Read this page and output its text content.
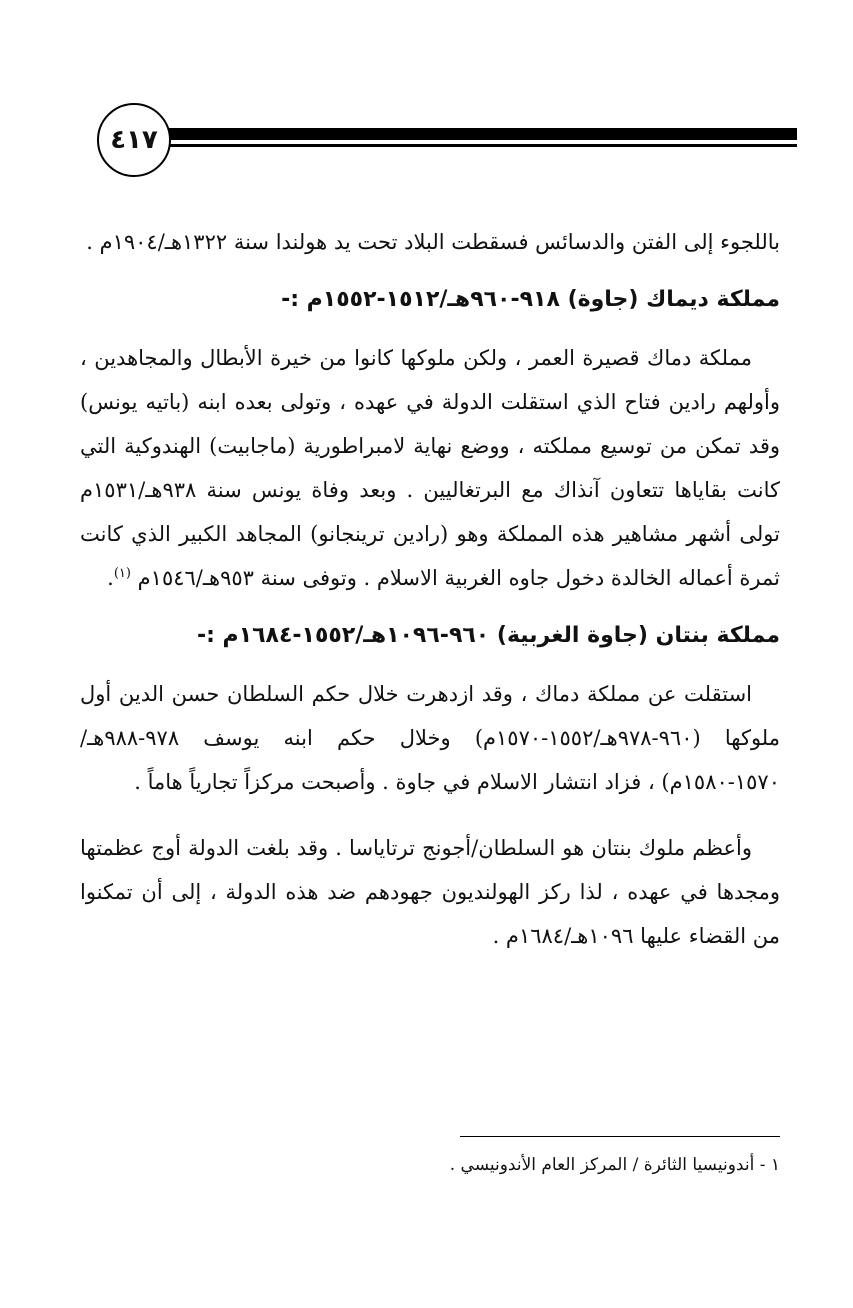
٤١٧

باللجوء إلى الفتن والدسائس فسقطت البلاد تحت يد هولندا سنة ١٣٢٢هـ/١٩٠٤م .

مملكة ديماك (جاوة) ٩١٨-٩٦٠هـ/١٥١٢-١٥٥٢م :-

مملكة دماك قصيرة العمر ، ولكن ملوكها كانوا من خيرة الأبطال والمجاهدين ، وأولهم رادين فتاح الذي استقلت الدولة في عهده ، وتولى بعده ابنه (باتيه يونس) وقد تمكن من توسيع مملكته ، ووضع نهاية لامبراطورية (ماجابيت) الهندوكية التي كانت بقاياها تتعاون آنذاك مع البرتغاليين . وبعد وفاة يونس سنة ٩٣٨هـ/١٥٣١م تولى أشهر مشاهير هذه المملكة وهو (رادين ترينجانو) المجاهد الكبير الذي كانت ثمرة أعماله الخالدة دخول جاوه الغربية الاسلام . وتوفى سنة ٩٥٣هـ/١٥٤٦م $^{(١)}$.

مملكة بنتان (جاوة الغربية) ٩٦٠-١٠٩٦هـ/١٥٥٢-١٦٨٤م :-

استقلت عن مملكة دماك ، وقد ازدهرت خلال حكم السلطان حسن الدين أول ملوكها (٩٦٠-٩٧٨هـ/١٥٥٢-١٥٧٠م) وخلال حكم ابنه يوسف ٩٧٨-٩٨٨هـ/١٥٧٠-١٥٨٠م) ، فزاد انتشار الاسلام في جاوة . وأصبحت مركزاً تجارياً هاماً .

وأعظم ملوك بنتان هو السلطان/أجونج ترتاياسا . وقد بلغت الدولة أوج عظمتها ومجدها في عهده ، لذا ركز الهولنديون جهودهم ضد هذه الدولة ، إلى أن تمكنوا من القضاء عليها ١٠٩٦هـ/١٦٨٤م .

١ - أندونيسيا الثائرة / المركز العام الأندونيسي .
